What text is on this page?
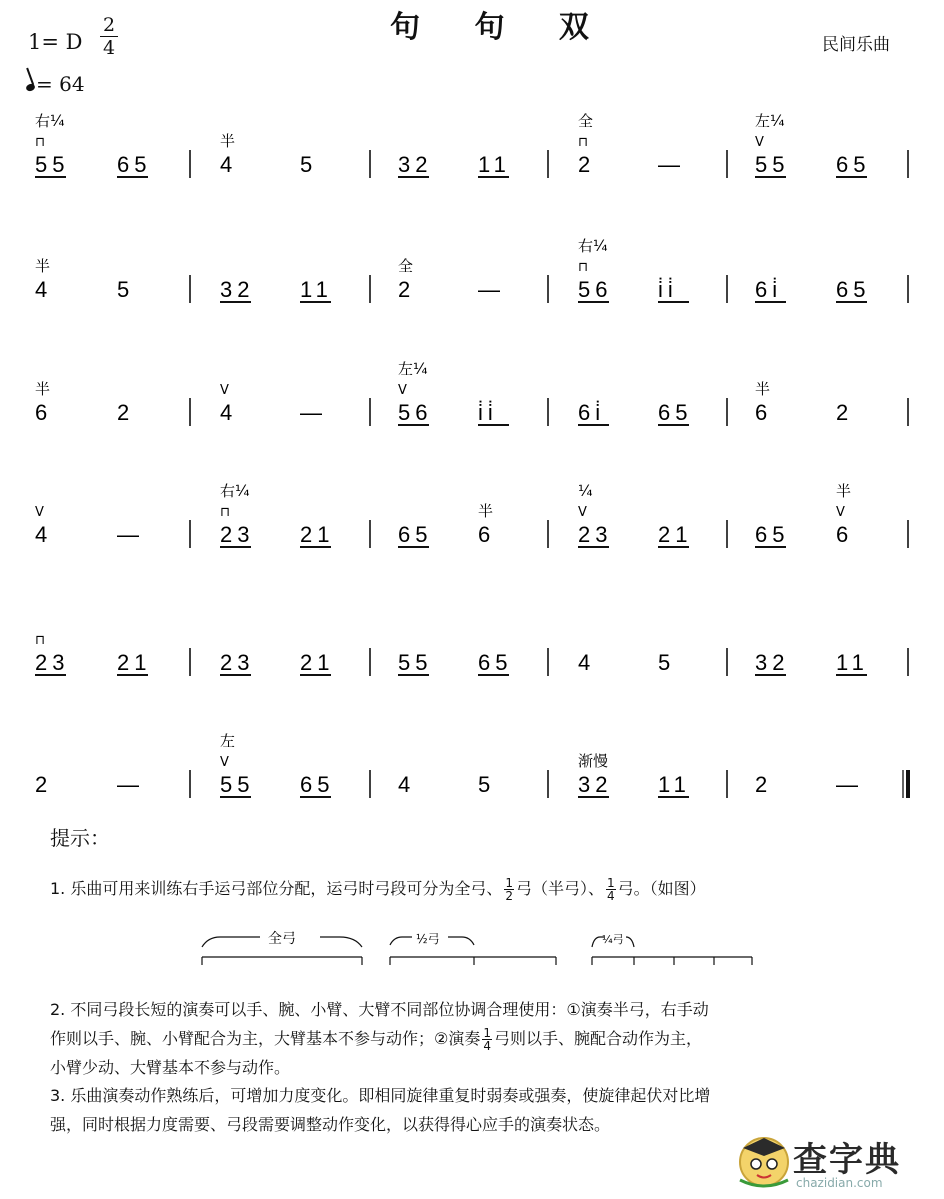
句 句 双
1= D
2
4
= 64
民间乐曲
55
右¼
⊓
65	4
半
5	32 11	2
全
⊓
—	55
左¼
V
65
4
半
5	32 11	2
全
—	56
右¼
⊓
i̇i̇	6i̇ 65
6
半
2	4
V
—	56
左¼
V
i̇i̇	6i̇ 65	6
半
2
4
V
—	23
右¼
⊓
21	65 6
半
23
¼
V
21	65 6
半
V
23
⊓
21	23 21	55 65	4	5	32 11
2	—	55
左
V
65	4	5	32
渐慢
11	2	—
提示：
1. 乐曲可用来训练右手运弓部位分配，运弓时弓段可分为全弓、 $\frac{1}{2}$ 弓（半弓）、 $\frac{1}{4}$ 弓。（如图）
全弓	½弓	¼弓
2. 不同弓段长短的演奏可以手、腕、小臂、大臂不同部位协调合理使用：①演奏半弓，右手动
作则以手、腕、小臂配合为主，大臂基本不参与动作；②演奏 $\frac{1}{4}$ 弓则以手、腕配合动作为主，
小臂少动、大臂基本不参与动作。
3. 乐曲演奏动作熟练后，可增加力度变化。即相同旋律重复时弱奏或强奏，使旋律起伏对比增
强，同时根据力度需要、弓段需要调整动作变化，以获得得心应手的演奏状态。
查字典
chazidian.com
